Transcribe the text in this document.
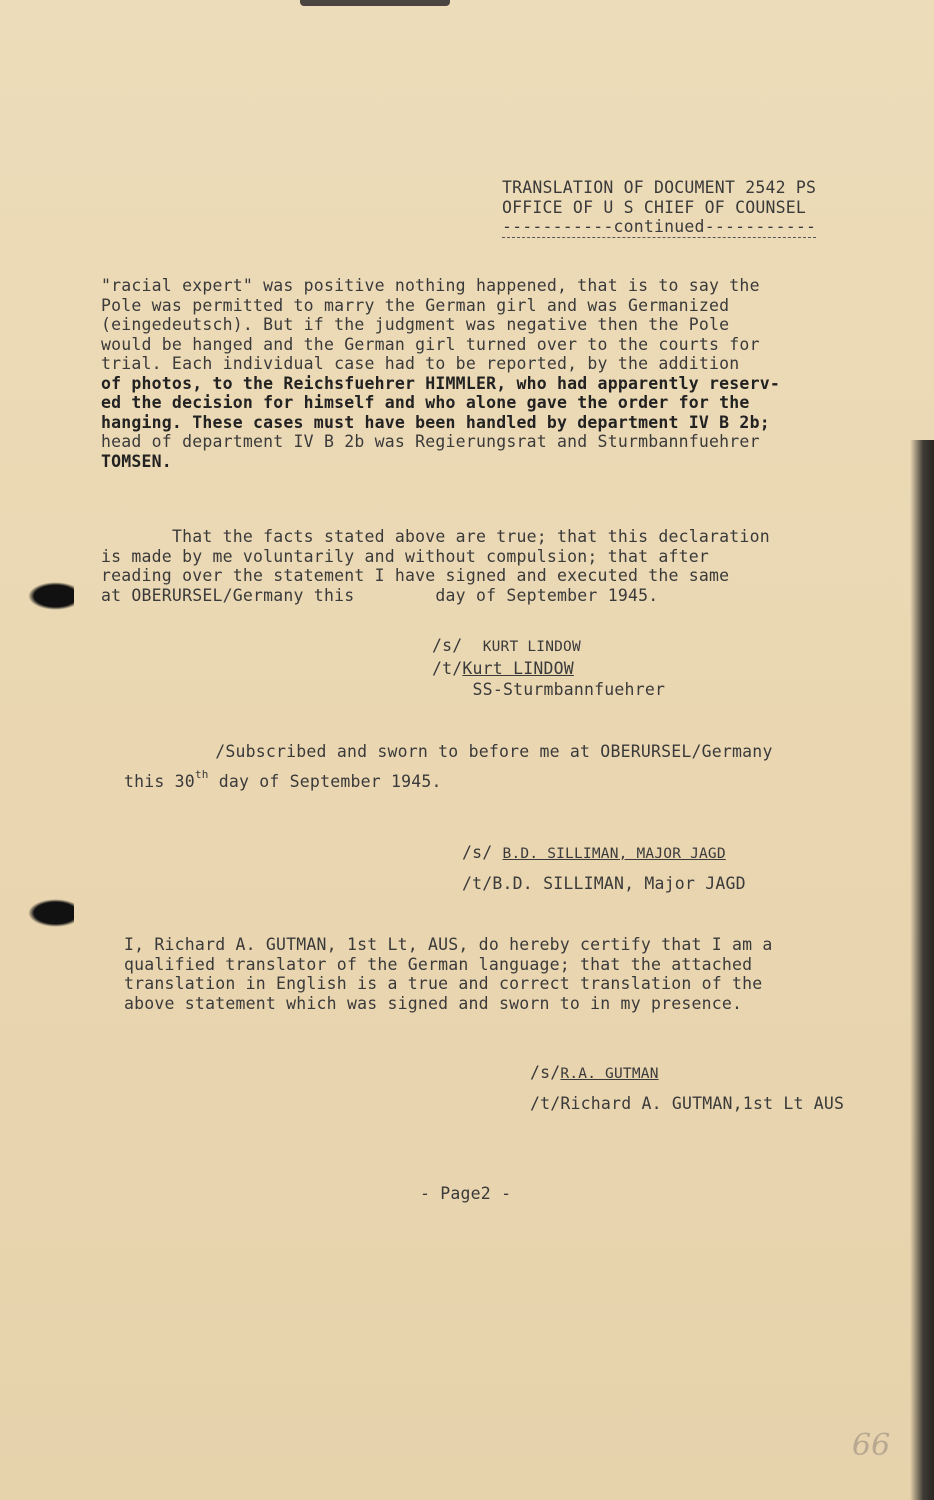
TRANSLATION OF DOCUMENT 2542 PS
OFFICE OF U S CHIEF OF COUNSEL
-----------continued-----------
"racial expert" was positive nothing happened, that is to say the
Pole was permitted to marry the German girl and was Germanized
(eingedeutsch). But if the judgment was negative then the Pole
would be hanged and the German girl turned over to the courts for
trial. Each individual case had to be reported, by the addition
of photos, to the Reichsfuehrer HIMMLER, who had apparently reserv-
ed the decision for himself and who alone gave the order for the
hanging. These cases must have been handled by department IV B 2b;
head of department IV B 2b was Regierungsrat and Sturmbannfuehrer
TOMSEN.
That the facts stated above are true; that this declaration
is made by me voluntarily and without compulsion; that after
reading over the statement I have signed and executed the same
at OBERURSEL/Germany this        day of September 1945.
/s/ KURT LINDOW
/t/Kurt LINDOW
SS-Sturmbannfuehrer
/Subscribed and sworn to before me at OBERURSEL/Germany
this 30th day of September 1945.
/s/ B.D. SILLIMAN, MAJOR JAGD
/t/B.D. SILLIMAN, Major JAGD
I, Richard A. GUTMAN, 1st Lt, AUS, do hereby certify that I am a
qualified translator of the German language; that the attached
translation in English is a true and correct translation of the
above statement which was signed and sworn to in my presence.
/s/R.A. GUTMAN
/t/Richard A. GUTMAN,1st Lt AUS
- Page2 -
66
